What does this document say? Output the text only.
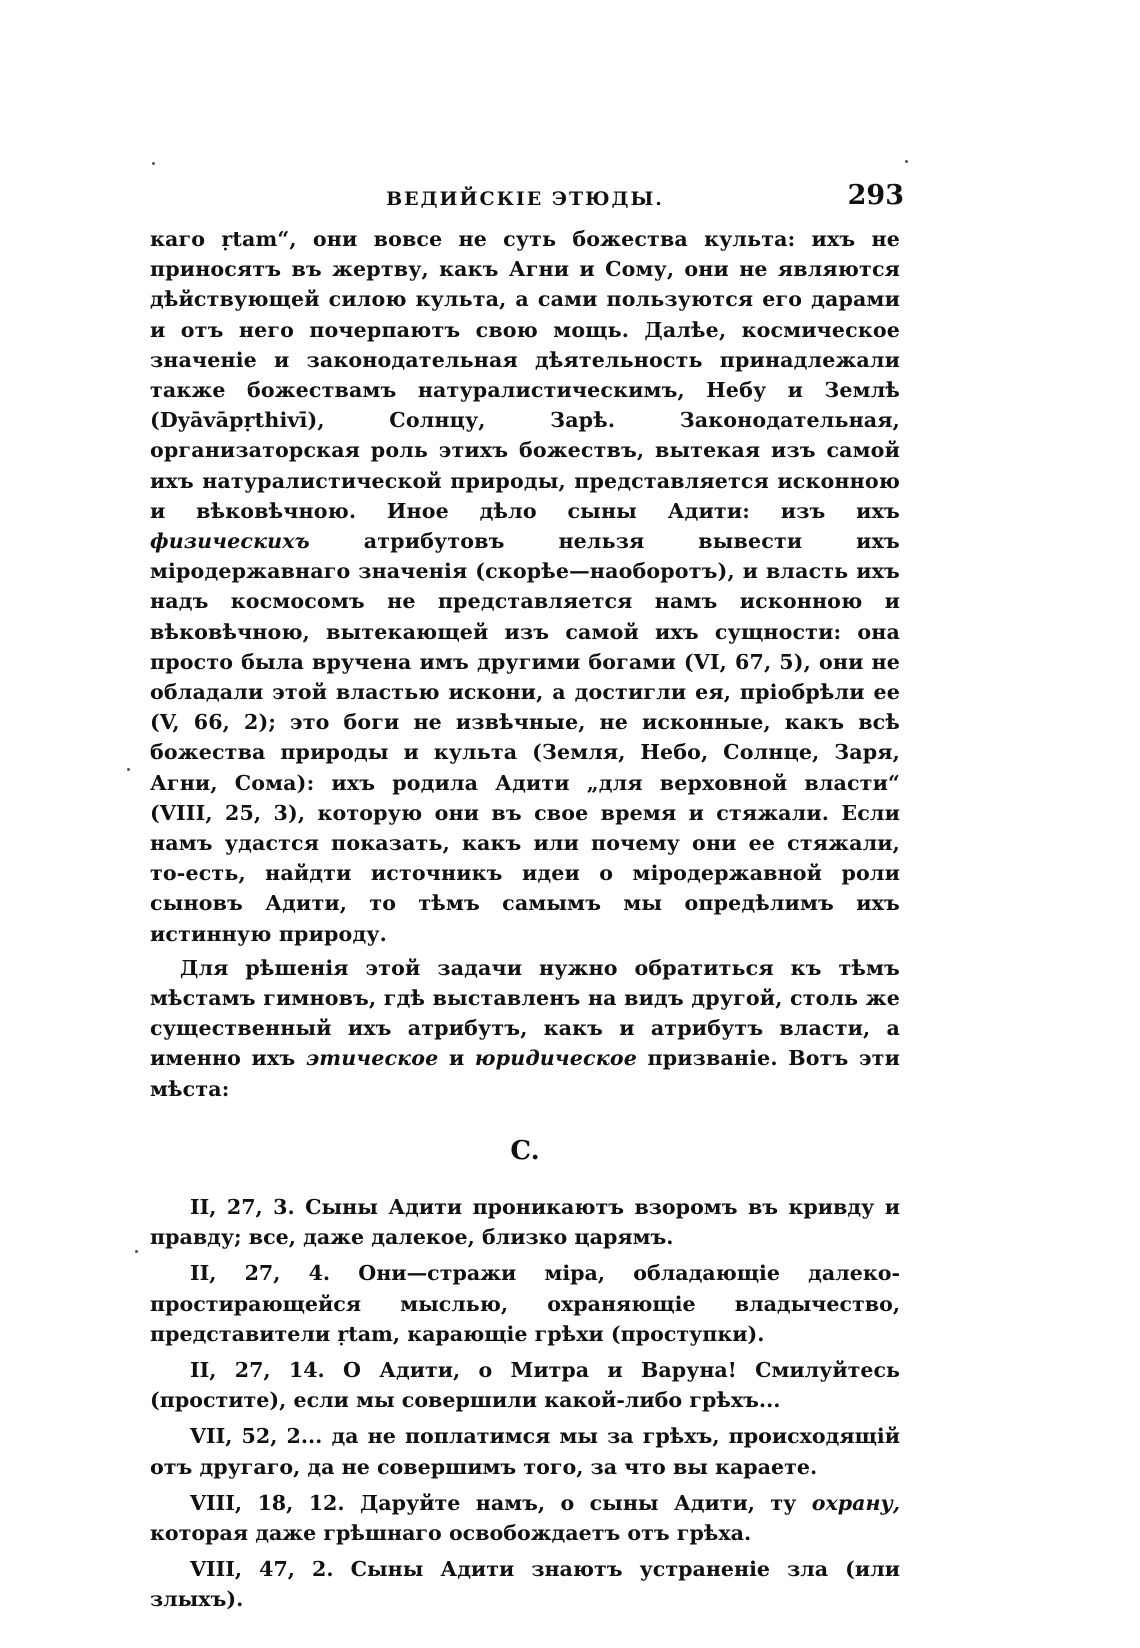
ВЕДИЙСКІЕ ЭТЮДЫ.	293

каго ṛtam“, они вовсе не суть божества культа: ихъ не приносятъ въ жертву, какъ Агни и Сому, они не являются дѣйствующей силою культа, а сами пользуются его дарами и отъ него почерпаютъ свою мощь. Далѣе, космическое значеніе и законодательная дѣятельность принадлежали также божествамъ натуралистическимъ, Небу и Землѣ (Dyāvāpṛthivī), Солнцу, Зарѣ. Законодательная, организаторская роль этихъ божествъ, вытекая изъ самой ихъ натуралистической природы, представляется исконною и вѣковѣчною. Иное дѣло сыны Адити: изъ ихъ физическихъ	атрибутовъ нельзя вывести ихъ міродержавнаго значенія (скорѣе—наоборотъ), и власть ихъ надъ космосомъ не представляется намъ исконною и вѣковѣчною, вытекающей изъ самой ихъ сущности: она просто была вручена имъ другими богами (VI, 67, 5), они не обладали этой властью искони, а достигли ея, пріобрѣли ее (V, 66, 2); это боги не извѣчные, не исконные, какъ всѣ божества природы и культа (Земля, Небо, Солнце, Заря, Агни, Сома): ихъ родила Адити „для верховной власти“ (VIII, 25, 3), которую они въ свое время и стяжали. Если намъ удастся показать, какъ или почему они ее стяжали, то-есть, найдти источникъ идеи о міродержавной роли сыновъ Адити, то тѣмъ самымъ мы опредѣлимъ ихъ истинную природу.

Для рѣшенія этой задачи нужно обратиться къ тѣмъ мѣстамъ гимновъ, гдѣ выставленъ на видъ другой, столь же существенный ихъ атрибутъ, какъ и атрибутъ власти, а именно ихъ этическое и юридическое призваніе. Вотъ эти мѣста:

C.

II, 27, 3. Сыны Адити проникаютъ взоромъ въ кривду и правду; все, даже далекое, близко царямъ.

II, 27, 4. Они—стражи міра, обладающіе далеко-простирающейся мыслью, охраняющіе владычество, представители ṛtam, карающіе грѣхи (проступки).

II, 27, 14. О Адити, о Митра и Варуна! Смилуйтесь (простите), если мы совершили какой-либо грѣхъ...

VII, 52, 2... да не поплатимся мы за грѣхъ, происходящій отъ другаго, да не совершимъ того, за что вы караете.

VIII, 18, 12. Даруйте намъ, о сыны Адити, ту охрану, которая даже грѣшнаго освобождаетъ отъ грѣха.

VIII, 47, 2. Сыны Адити знаютъ устраненіе зла (или злыхъ).
